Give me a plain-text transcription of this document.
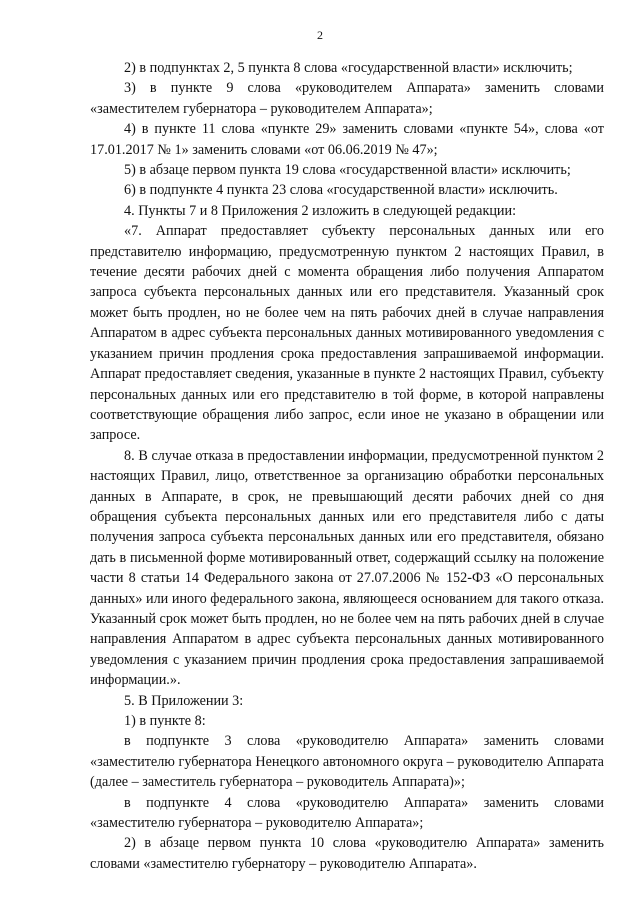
2

2) в подпунктах 2, 5 пункта 8 слова «государственной власти» исключить;

3) в пункте 9 слова «руководителем Аппарата» заменить словами «заместителем губернатора – руководителем Аппарата»;

4) в пункте 11 слова «пункте 29» заменить словами «пункте 54», слова «от 17.01.2017 № 1» заменить словами «от 06.06.2019 № 47»;

5) в абзаце первом пункта 19 слова «государственной власти» исключить;

6) в подпункте 4 пункта 23 слова «государственной власти» исключить.

4. Пункты 7 и 8 Приложения 2 изложить в следующей редакции:

«7. Аппарат предоставляет субъекту персональных данных или его представителю информацию, предусмотренную пунктом 2 настоящих Правил, в течение десяти рабочих дней с момента обращения либо получения Аппаратом запроса субъекта персональных данных или его представителя. Указанный срок может быть продлен, но не более чем на пять рабочих дней в случае направления Аппаратом в адрес субъекта персональных данных мотивированного уведомления с указанием причин продления срока предоставления запрашиваемой информации. Аппарат предоставляет сведения, указанные в пункте 2 настоящих Правил, субъекту персональных данных или его представителю в той форме, в которой направлены соответствующие обращения либо запрос, если иное не указано в обращении или запросе.

8. В случае отказа в предоставлении информации, предусмотренной пунктом 2 настоящих Правил, лицо, ответственное за организацию обработки персональных данных в Аппарате, в срок, не превышающий десяти рабочих дней со дня обращения субъекта персональных данных или его представителя либо с даты получения запроса субъекта персональных данных или его представителя, обязано дать в письменной форме мотивированный ответ, содержащий ссылку на положение части 8 статьи 14 Федерального закона от 27.07.2006 № 152-ФЗ «О персональных данных» или иного федерального закона, являющееся основанием для такого отказа. Указанный срок может быть продлен, но не более чем на пять рабочих дней в случае направления Аппаратом в адрес субъекта персональных данных мотивированного уведомления с указанием причин продления срока предоставления запрашиваемой информации.».

5. В Приложении 3:

1) в пункте 8:

в подпункте 3 слова «руководителю Аппарата» заменить словами «заместителю губернатора Ненецкого автономного округа – руководителю Аппарата (далее – заместитель губернатора – руководитель Аппарата)»;

в подпункте 4 слова «руководителю Аппарата» заменить словами «заместителю губернатора – руководителю Аппарата»;

2) в абзаце первом пункта 10 слова «руководителю Аппарата» заменить словами «заместителю губернатору – руководителю Аппарата».
